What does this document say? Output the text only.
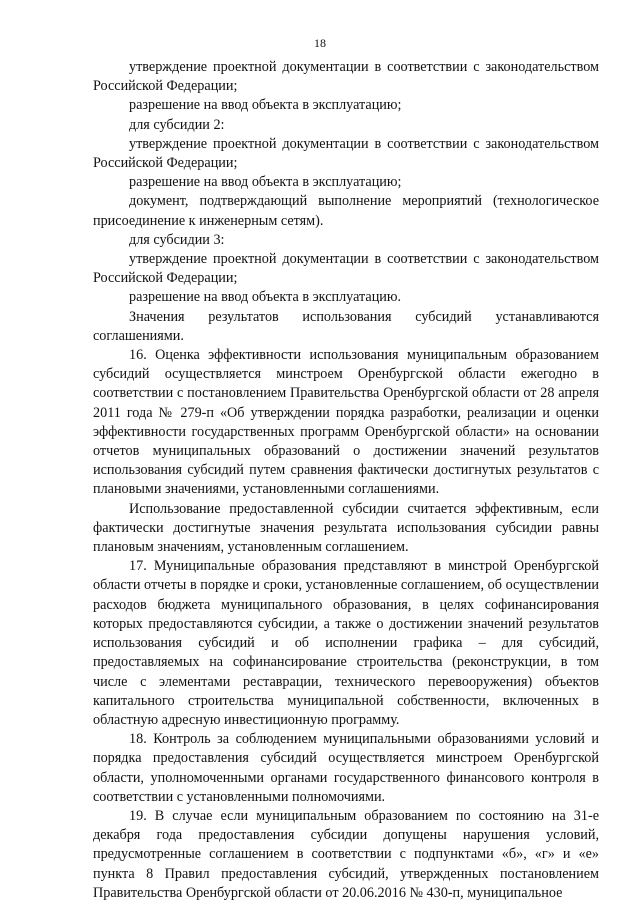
18

утверждение проектной документации в соответствии с законодательством Российской Федерации;

разрешение на ввод объекта в эксплуатацию;

для субсидии 2:

утверждение проектной документации в соответствии с законодательством Российской Федерации;

разрешение на ввод объекта в эксплуатацию;

документ, подтверждающий выполнение мероприятий (технологическое присоединение к инженерным сетям).

для субсидии 3:

утверждение проектной документации в соответствии с законодательством Российской Федерации;

разрешение на ввод объекта в эксплуатацию.

Значения результатов использования субсидий устанавливаются соглашениями.

16. Оценка эффективности использования муниципальным образованием субсидий осуществляется минстроем Оренбургской области ежегодно в соответствии с постановлением Правительства Оренбургской области от 28 апреля 2011 года № 279-п «Об утверждении порядка разработки, реализации и оценки эффективности государственных программ Оренбургской области» на основании отчетов муниципальных образований о достижении значений результатов использования субсидий путем сравнения фактически достигнутых результатов с плановыми значениями, установленными соглашениями.

Использование предоставленной субсидии считается эффективным, если фактически достигнутые значения результата использования субсидии равны плановым значениям, установленным соглашением.

17. Муниципальные образования представляют в минстрой Оренбургской области отчеты в порядке и сроки, установленные соглашением, об осуществлении расходов бюджета муниципального образования, в целях софинансирования которых предоставляются субсидии, а также о достижении значений результатов использования субсидий и об исполнении графика – для субсидий, предоставляемых на софинансирование строительства (реконструкции, в том числе с элементами реставрации, технического перевооружения) объектов капитального строительства муниципальной собственности, включенных в областную адресную инвестиционную программу.

18. Контроль за соблюдением муниципальными образованиями условий и порядка предоставления субсидий осуществляется минстроем Оренбургской области, уполномоченными органами государственного финансового контроля в соответствии с установленными полномочиями.

19. В случае если муниципальным образованием по состоянию на 31-е декабря года предоставления субсидии допущены нарушения условий, предусмотренные соглашением в соответствии с подпунктами «б», «г» и «е» пункта 8 Правил предоставления субсидий, утвержденных постановлением Правительства Оренбургской области от 20.06.2016 № 430-п, муниципальное
